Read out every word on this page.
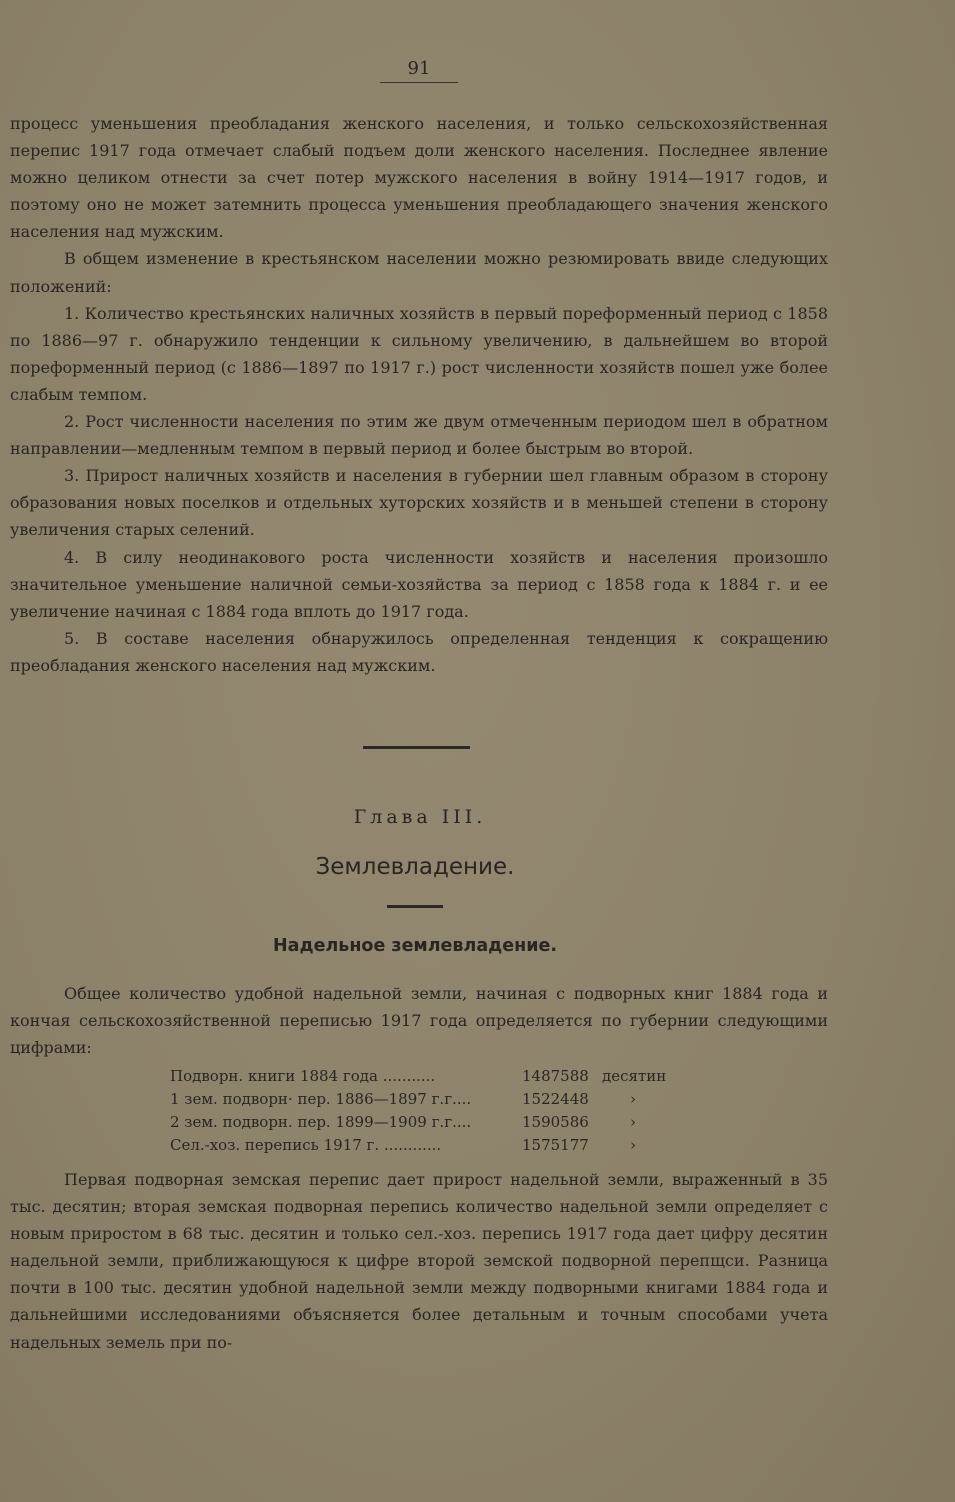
91

процесс уменьшения преобладания женского населения, и только сельскохозяйственная перепис 1917 года отмечает слабый подъем доли женского населения. Последнее явление можно целиком отнести за счет потер мужского населения в войну 1914—1917 годов, и поэтому оно не может затемнить процесса уменьшения преобладающего значения женского населения над мужским.

В общем изменение в крестьянском населении можно резюмировать ввиде следующих положений:

1. Количество крестьянских наличных хозяйств в первый пореформенный период с 1858 по 1886—97 г. обнаружило тенденции к сильному увеличению, в дальнейшем во второй пореформенный период (с 1886—1897 по 1917 г.) рост численности хозяйств пошел уже более слабым темпом.

2. Рост численности населения по этим же двум отмеченным периодом шел в обратном направлении—медленным темпом в первый период и более быстрым во второй.

3. Прирост наличных хозяйств и населения в губернии шел главным образом в сторону образования новых поселков и отдельных хуторских хозяйств и в меньшей степени в сторону увеличения старых селений.

4. В силу неодинакового роста численности хозяйств и населения произошло значительное уменьшение наличной семьи-хозяйства за период с 1858 года к 1884 г. и ее увеличение начиная с 1884 года вплоть до 1917 года.

5. В составе населения обнаружилось определенная тенденция к сокращению преобладания женского населения над мужским.

Глава III.
Землевладение.
Надельное землевладение.

Общее количество удобной надельной земли, начиная с подворных книг 1884 года и кончая сельскохозяйственной переписью 1917 года определяется по губернии следующими цифрами:

Подворн. книги 1884 года ...........	1487588	десятин
1 зем. подворн· пер. 1886—1897 г.г....	1522448	›
2 зем. подворн. пер. 1899—1909 г.г....	1590586	›
Сел.-хоз. перепись 1917 г. ............	1575177	›

Первая подворная земская перепис дает прирост надельной земли, выраженный в 35 тыс. десятин; вторая земская подворная перепись количество надельной земли определяет с новым приростом в 68 тыс. десятин и только сел.-хоз. перепись 1917 года дает цифру десятин надельной земли, приближающуюся к цифре второй земской подворной перепщси. Разница почти в 100 тыс. десятин удобной надельной земли между подворными книгами 1884 года и дальнейшими исследованиями объясняется более детальным и точным способами учета надельных земель при по-
